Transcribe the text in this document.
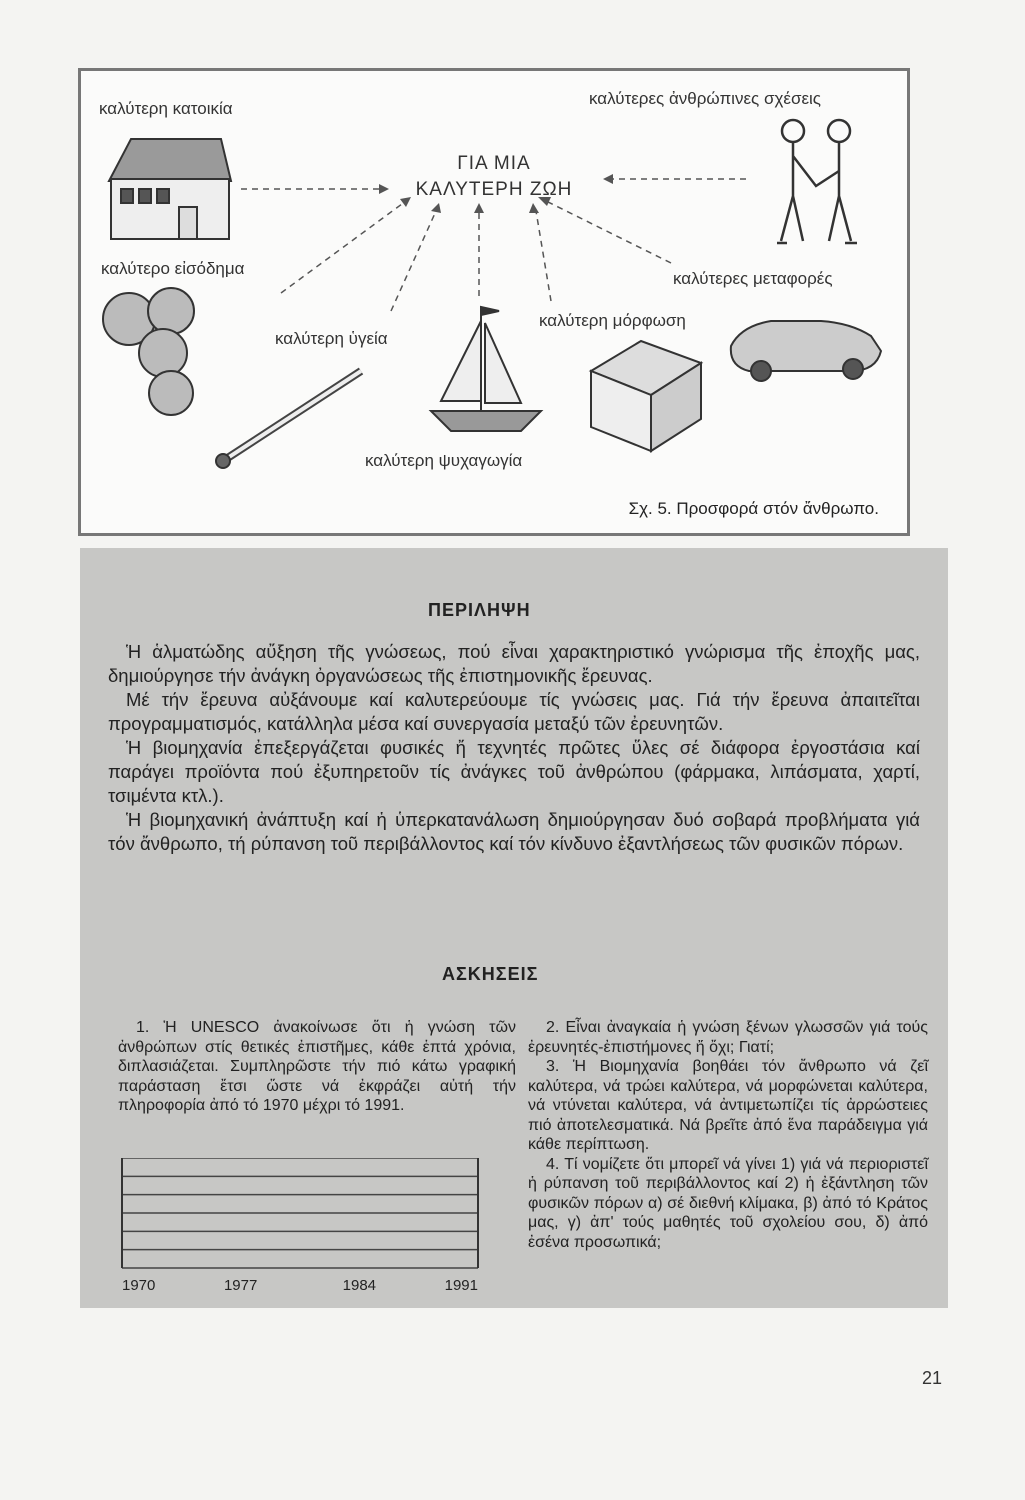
καλύτερη κατοικία
καλύτερες ἀνθρώπινες σχέσεις
ΓΙΑ ΜΙΑ
ΚΑΛΥΤΕΡΗ ΖΩΗ
καλύτερο εἰσόδημα
καλύτερες μεταφορές
καλύτερη ὑγεία
καλύτερη μόρφωση
καλύτερη ψυχαγωγία
Σχ. 5. Προσφορά στόν ἄνθρωπο.
ΠΕΡΙΛΗΨΗ

Ἡ ἁλματώδης αὔξηση τῆς γνώσεως, πού εἶναι χαρακτηριστικό γνώρισμα τῆς ἐποχῆς μας, δημιούργησε τήν ἀνάγκη ὀργανώσεως τῆς ἐπιστημονικῆς ἔρευνας.

Μέ τήν ἔρευνα αὐξάνουμε καί καλυτερεύουμε τίς γνώσεις μας. Γιά τήν ἔρευνα ἀπαιτεῖται προγραμματισμός, κατάλληλα μέσα καί συνεργασία μεταξύ τῶν ἐρευνητῶν.

Ἡ βιομηχανία ἐπεξεργάζεται φυσικές ἤ τεχνητές πρῶτες ὕλες σέ διάφορα ἐργοστάσια καί παράγει προϊόντα πού ἐξυπηρετοῦν τίς ἀνάγκες τοῦ ἀνθρώπου (φάρμακα, λιπάσματα, χαρτί, τσιμέντα κτλ.).

Ἡ βιομηχανική ἀνάπτυξη καί ἡ ὑπερκατανάλωση δημιούργησαν δυό σοβαρά προβλήματα γιά τόν ἄνθρωπο, τή ρύπανση τοῦ περιβάλλοντος καί τόν κίνδυνο ἐξαντλήσεως τῶν φυσικῶν πόρων.

ΑΣΚΗΣΕΙΣ

1. Ἡ UNESCO ἀνακοίνωσε ὅτι ἡ γνώση τῶν ἀνθρώπων στίς θετικές ἐπιστῆμες, κάθε ἑπτά χρόνια, διπλασιάζεται. Συμπληρῶστε τήν πιό κάτω γραφική παράσταση ἔτσι ὥστε νά ἐκφράζει αὐτή τήν πληροφορία ἀπό τό 1970 μέχρι τό 1991.

2. Εἶναι ἀναγκαία ἡ γνώση ξένων γλωσσῶν γιά τούς ἐρευνητές-ἐπιστήμονες ἤ ὄχι; Γιατί;

3. Ἡ Βιομηχανία βοηθάει τόν ἄνθρωπο νά ζεῖ καλύτερα, νά τρώει καλύτερα, νά μορφώνεται καλύτερα, νά ντύνεται καλύτερα, νά ἀντιμετωπίζει τίς ἀρρώστειες πιό ἀποτελεσματικά. Νά βρεῖτε ἀπό ἕνα παράδειγμα γιά κάθε περίπτωση.

4. Τί νομίζετε ὅτι μπορεῖ νά γίνει 1) γιά νά περιοριστεῖ ἡ ρύπανση τοῦ περιβάλλοντος καί 2) ἡ ἐξάντληση τῶν φυσικῶν πόρων α) σέ διεθνή κλίμακα, β) ἀπό τό Κράτος μας, γ) ἀπ' τούς μαθητές τοῦ σχολείου σου, δ) ἀπό ἐσένα προσωπικά;

1970	1977	1984	1991
21
